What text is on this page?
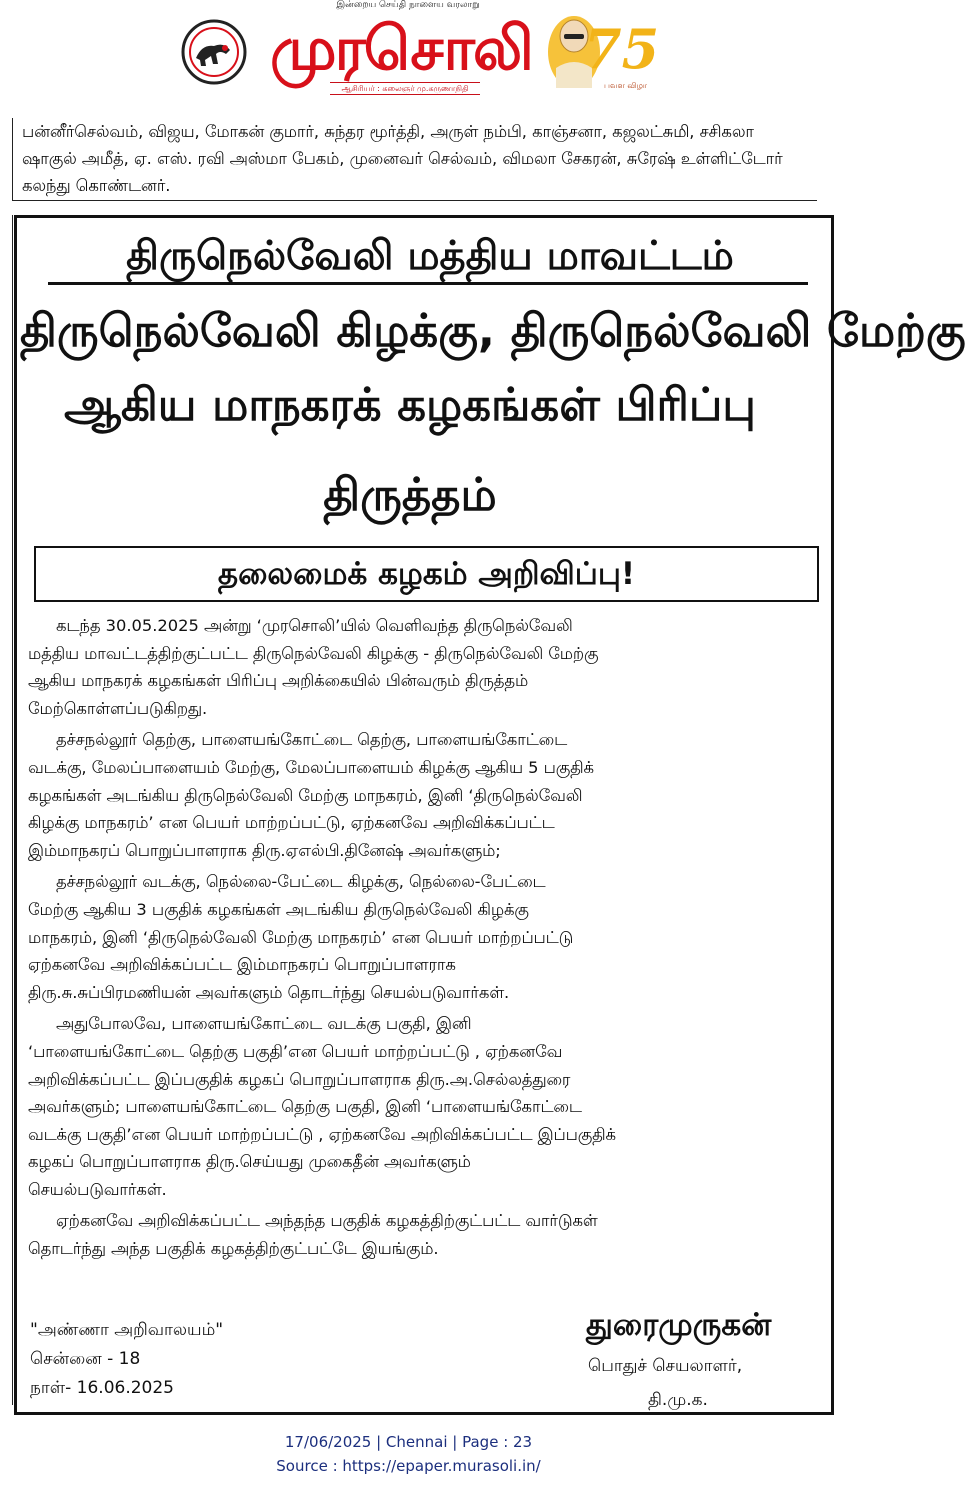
இன்றைய செய்தி நாளைய வரலாறு
முரசொலி
ஆசிரியர் : கலைஞர் மு.கருணாநிதி
75
பவள விழா
பன்னீர்செல்வம், விஜய, மோகன் குமார், சுந்தர மூர்த்தி, அருள் நம்பி, காஞ்சனா, கஜலட்சுமி, சசிகலா
ஷாகுல் அமீத், ஏ. எஸ். ரவி அஸ்மா பேகம், முனைவர் செல்வம், விமலா சேகரன், சுரேஷ் உள்ளிட்டோர்
கலந்து கொண்டனர்.
திருநெல்வேலி மத்திய மாவட்டம்
திருநெல்வேலி கிழக்கு, திருநெல்வேலி மேற்கு
ஆகிய மாநகரக் கழகங்கள் பிரிப்பு
திருத்தம்
தலைமைக் கழகம் அறிவிப்பு!
கடந்த 30.05.2025 அன்று ‘முரசொலி’யில் வெளிவந்த திருநெல்வேலி
மத்திய மாவட்டத்திற்குட்பட்ட திருநெல்வேலி கிழக்கு - திருநெல்வேலி மேற்கு
ஆகிய மாநகரக் கழகங்கள் பிரிப்பு அறிக்கையில் பின்வரும் திருத்தம்
மேற்கொள்ளப்படுகிறது.
தச்சநல்லூர் தெற்கு, பாளையங்கோட்டை தெற்கு, பாளையங்கோட்டை
வடக்கு, மேலப்பாளையம் மேற்கு, மேலப்பாளையம் கிழக்கு ஆகிய 5 பகுதிக்
கழகங்கள் அடங்கிய திருநெல்வேலி மேற்கு மாநகரம், இனி ‘திருநெல்வேலி
கிழக்கு மாநகரம்’ என பெயர் மாற்றப்பட்டு, ஏற்கனவே அறிவிக்கப்பட்ட
இம்மாநகரப் பொறுப்பாளராக திரு.ஏஎல்பி.தினேஷ் அவர்களும்;
தச்சநல்லூர் வடக்கு, நெல்லை-பேட்டை கிழக்கு, நெல்லை-பேட்டை
மேற்கு ஆகிய 3 பகுதிக் கழகங்கள் அடங்கிய திருநெல்வேலி கிழக்கு
மாநகரம், இனி ‘திருநெல்வேலி மேற்கு மாநகரம்’ என பெயர் மாற்றப்பட்டு
ஏற்கனவே அறிவிக்கப்பட்ட இம்மாநகரப் பொறுப்பாளராக
திரு.சு.சுப்பிரமணியன் அவர்களும் தொடர்ந்து செயல்படுவார்கள்.
அதுபோலவே, பாளையங்கோட்டை வடக்கு பகுதி, இனி
‘பாளையங்கோட்டை தெற்கு பகுதி’என பெயர் மாற்றப்பட்டு , ஏற்கனவே
அறிவிக்கப்பட்ட இப்பகுதிக் கழகப் பொறுப்பாளராக திரு.அ.செல்லத்துரை
அவர்களும்; பாளையங்கோட்டை தெற்கு பகுதி, இனி ‘பாளையங்கோட்டை
வடக்கு பகுதி’என பெயர் மாற்றப்பட்டு , ஏற்கனவே அறிவிக்கப்பட்ட இப்பகுதிக்
கழகப் பொறுப்பாளராக திரு.செய்யது முகைதீன் அவர்களும்
செயல்படுவார்கள்.
ஏற்கனவே அறிவிக்கப்பட்ட அந்தந்த பகுதிக் கழகத்திற்குட்பட்ட வார்டுகள்
தொடர்ந்து அந்த பகுதிக் கழகத்திற்குட்பட்டே இயங்கும்.
"அண்ணா அறிவாலயம்"
சென்னை - 18
நாள்- 16.06.2025
துரைமுருகன்
பொதுச் செயலாளர்,
தி.மு.க.
17/06/2025 | Chennai | Page : 23
Source : https://epaper.murasoli.in/
